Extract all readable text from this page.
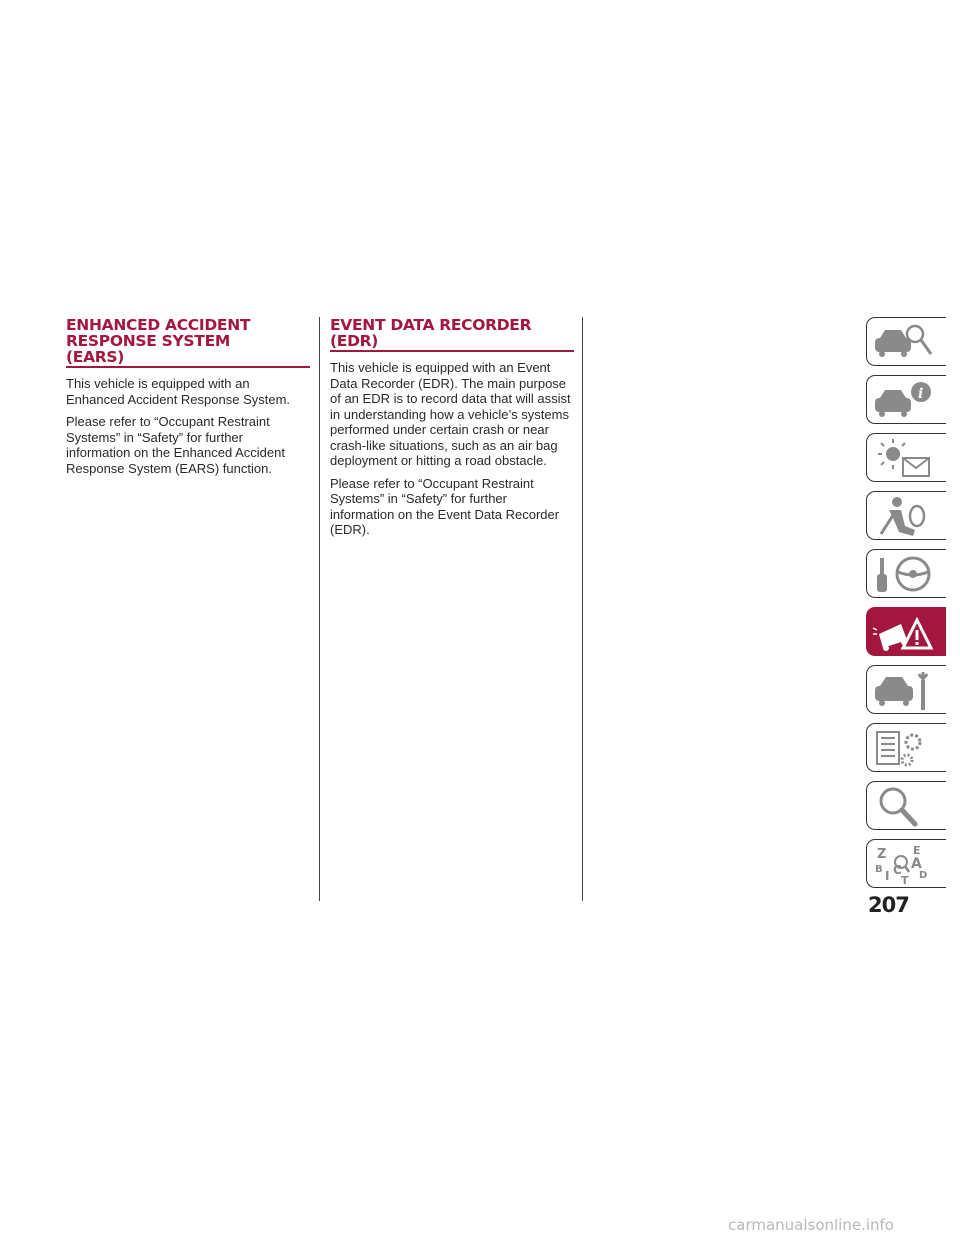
ENHANCED ACCIDENT
RESPONSE SYSTEM (EARS)

This vehicle is equipped with an Enhanced Accident Response System.

Please refer to “Occupant Restraint Systems” in “Safety” for further information on the Enhanced Accident Response System (EARS) function.

EVENT DATA RECORDER (EDR)

This vehicle is equipped with an Event Data Recorder (EDR). The main purpose of an EDR is to record data that will assist in understanding how a vehicle’s systems performed under certain crash or near crash-like situations, such as an air bag deployment or hitting a road obstacle.

Please refer to “Occupant Restraint Systems” in “Safety” for further information on the Event Data Recorder (EDR).

i
Z E
A
B I C
T D
207
carmanualsonline.info
